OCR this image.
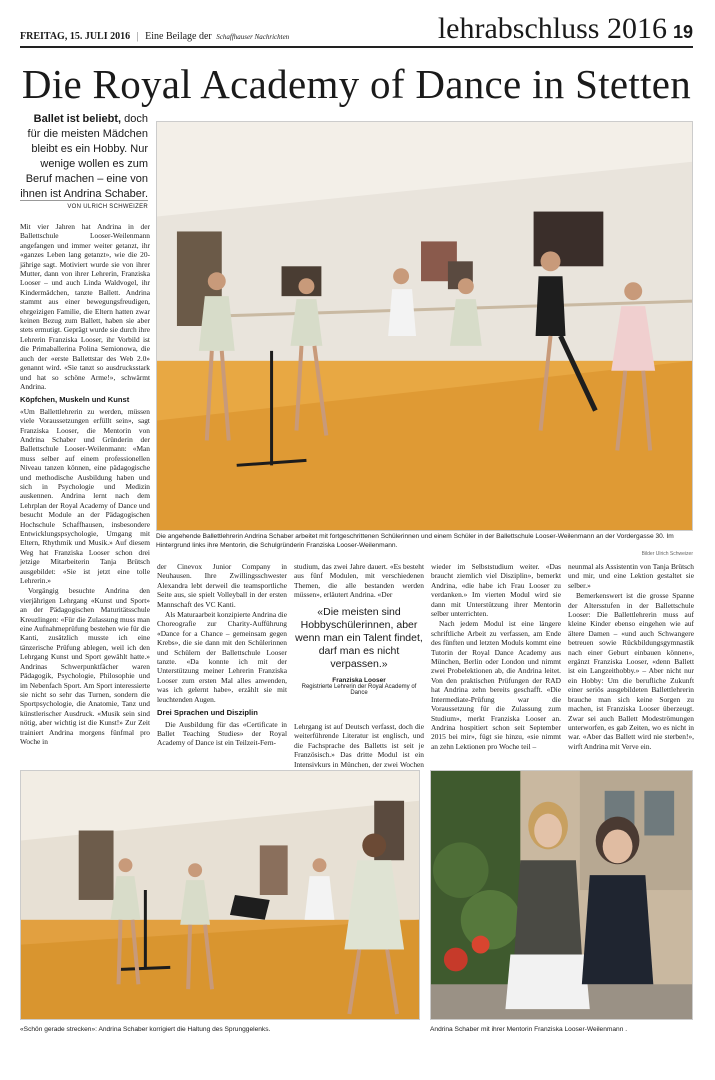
FREITAG, 15. JULI 2016 | Eine Beilage der Schaffhauser Nachrichten	lehrabschluss 2016 19
Die Royal Academy of Dance in Stetten
Ballet ist beliebt, doch für die meisten Mädchen bleibt es ein Hobby. Nur wenige wollen es zum Beruf machen – eine von ihnen ist Andrina Schaber.
VON ULRICH SCHWEIZER
Die angehende Ballettlehrerin Andrina Schaber arbeitet mit fortgeschrittenen Schülerinnen und einem Schüler in der Ballettschule Looser-Weilenmann an der Vordergasse 30. Im Hintergrund links ihre Mentorin, die Schulgründerin Franziska Looser-Weilenmann.
Bilder Ulrich Schweizer

Mit vier Jahren hat Andrina in der Ballettschule Looser-Weilenmann angefangen und immer weiter getanzt, ihr «ganzes Leben lang getanzt», wie die 20-jährige sagt. Motiviert wurde sie von ihrer Mutter, dann von ihrer Lehrerin, Franziska Looser – und auch Linda Waldvogel, ihr Kindermädchen, tanzte Ballett. Andrina stammt aus einer bewegungsfreudigen, ehrgeizigen Familie, die Eltern hatten zwar keinen Bezug zum Ballett, haben sie aber stets ermutigt. Geprägt wurde sie durch ihre Lehrerin Franziska Looser, ihr Vorbild ist die Primaballerina Polina Semionowa, die auch der «erste Ballettstar des Web 2.0» genannt wird. «Sie tanzt so ausdrucksstark und hat so schöne Arme!», schwärmt Andrina.

Köpfchen, Muskeln und Kunst

«Um Ballettlehrerin zu werden, müssen viele Voraussetzungen erfüllt sein», sagt Franziska Looser, die Mentorin von Andrina Schaber und Gründerin der Ballettschule Looser-Weilenmann: «Man muss selber auf einem professionellen Niveau tanzen können, eine pädagogische und methodische Ausbildung haben und sich in Psychologie und Medizin auskennen. Andrina lernt nach dem Lehrplan der Royal Academy of Dance und besucht Module an der Pädagogischen Hochschule Schaffhausen, insbesondere Entwicklungspsychologie, Umgang mit Eltern, Rhythmik und Musik.» Auf diesem Weg hat Franziska Looser schon drei jetzige Mitarbeiterin Tanja Brütsch ausgebildet: «Sie ist jetzt eine tolle Lehrerin.»

Vorgängig besuchte Andrina den vierjährigen Lehrgang «Kunst und Sport» an der Pädagogischen Maturitätsschule Kreuzlingen: «Für die Zulassung muss man eine Aufnahmeprüfung bestehen wie für die Kanti, zusätzlich musste ich eine tänzerische Prüfung ablegen, weil ich den Lehrgang Kunst und Sport gewählt hatte.» Andrinas Schwerpunktfächer waren Pädagogik, Psychologie, Philosophie und im Nebenfach Sport. Am Sport interessierte sie nicht so sehr das Turnen, sondern die Sportpsychologie, die Anatomie, Tanz und künstlerischer Ausdruck. «Musik sein sind nötig, aber wichtig ist die Kunst!» Zur Zeit trainiert Andrina morgens fünfmal pro Woche in

der Cinevox Junior Company in Neuhausen. Ihre Zwillingsschwester Alexandra lebt derweil die teamsportliche Seite aus, sie spielt Volleyball in der ersten Mannschaft des VC Kanti.

Als Maturaarbeit konzipierte Andrina die Choreografie zur Charity-Aufführung «Dance for a Chance – gemeinsam gegen Krebs», die sie dann mit den Schülerinnen und Schülern der Ballettschule Looser tanzte. «Da konnte ich mit der Unterstützung meiner Lehrerin Franziska Looser zum ersten Mal alles anwenden, was ich gelernt habe», erzählt sie mit leuchtenden Augen.

Drei Sprachen und Disziplin

Die Ausbildung für das «Certificate in Ballet Teaching Studies» der Royal Academy of Dance ist ein Teilzeit-Fern-

studium, das zwei Jahre dauert. «Es besteht aus fünf Modulen, mit verschiedenen Themen, die alle bestanden werden müssen», erläutert Andrina. «Der

«Die meisten sind Hobbyschülerinnen, aber wenn man ein Talent findet, darf man es nicht verpassen.»
Franziska Looser
Registrierte Lehrerin der Royal Academy of Dance

Lehrgang ist auf Deutsch verfasst, doch die weiterführende Literatur ist englisch, und die Fachsprache des Balletts ist seit je Französisch.» Das dritte Modul ist ein Intensivkurs in München, der zwei Wochen

wieder im Selbststudium weiter. «Das braucht ziemlich viel Disziplin», bemerkt Andrina, «die habe ich Frau Looser zu verdanken.» Im vierten Modul wird sie dann mit Unterstützung ihrer Mentorin selber unterrichten.

Nach jedem Modul ist eine längere schriftliche Arbeit zu verfassen, am Ende des fünften und letzten Moduls kommt eine Tutorin der Royal Dance Academy aus München, Berlin oder London und nimmt zwei Probelektionen ab, die Andrina leitet. Von den praktischen Prüfungen der RAD hat Andrina zehn bereits geschafft. «Die Intermediate-Prüfung war die Voraussetzung für die Zulassung zum Studium», merkt Franziska Looser an. Andrina hospitiert schon seit September 2015 bei mir», fügt sie hinzu, «sie nimmt an zehn Lektionen pro Woche teil –

neunmal als Assistentin von Tanja Brütsch und mir, und eine Lektion gestaltet sie selber.»

Bemerkenswert ist die grosse Spanne der Altersstufen in der Ballettschule Looser: Die Ballettlehrerin muss auf kleine Kinder ebenso eingehen wie auf ältere Damen – «und auch Schwangere betreuen sowie Rückbildungsgymnastik nach einer Geburt einbauen können», ergänzt Franziska Looser, «denn Ballett ist ein Langzeithobby.» – Aber nicht nur ein Hobby: Um die berufliche Zukunft einer seriös ausgebildeten Ballettlehrerin brauche man sich keine Sorgen zu machen, ist Franziska Looser überzeugt. Zwar sei auch Ballett Modeströmungen unterworfen, es gab Zeiten, wo es nicht in war. «Aber das Ballett wird nie sterben!», wirft Andrina mit Verve ein.

«Schön gerade strecken»: Andrina Schaber korrigiert die Haltung des Sprunggelenks.	Andrina Schaber mit ihrer Mentorin Franziska Looser-Weilenmann .
